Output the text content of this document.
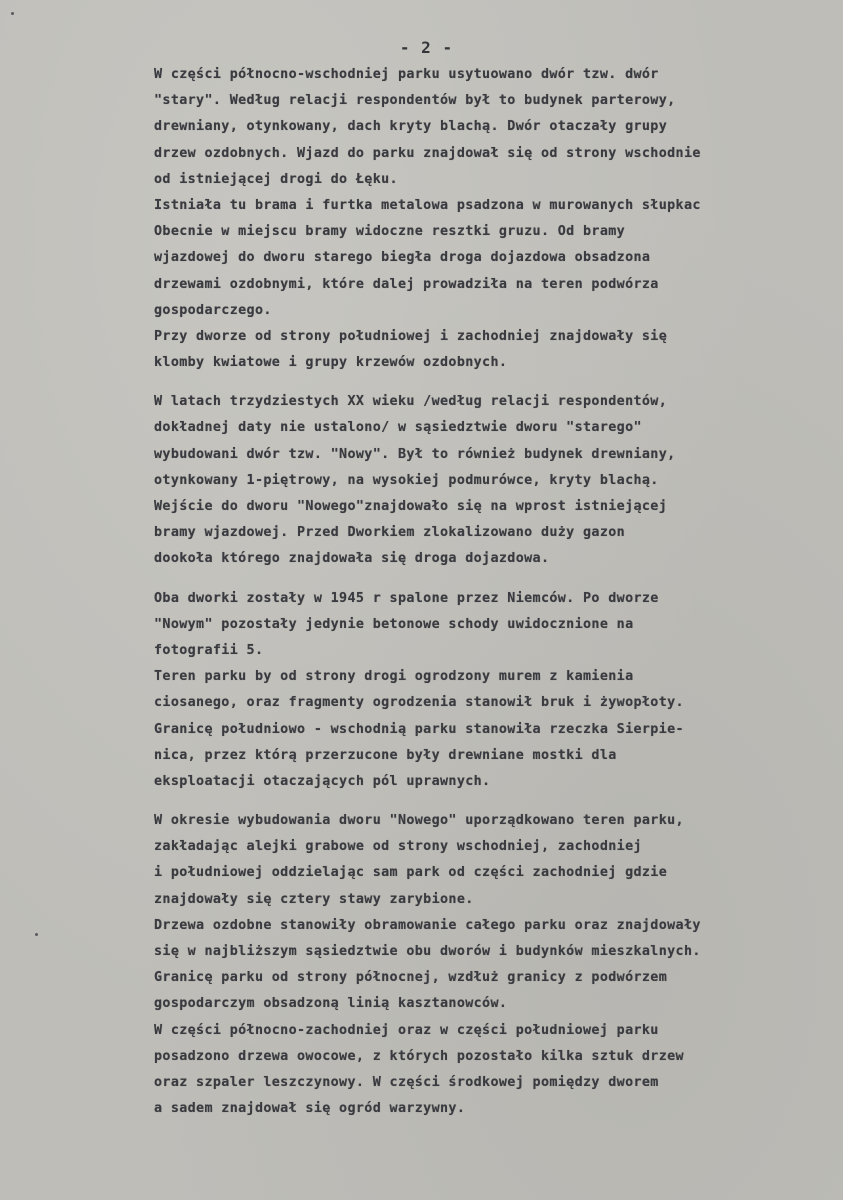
- 2 -
W części północno-wschodniej parku usytuowano dwór tzw. dwór
"stary". Według relacji respondentów był to budynek parterowy,
drewniany, otynkowany, dach kryty blachą. Dwór otaczały grupy
drzew ozdobnych. Wjazd do parku znajdował się od strony wschodnie
od istniejącej drogi do Łęku.
Istniała tu brama i furtka metalowa psadzona w murowanych słupkac
Obecnie w miejscu bramy widoczne resztki gruzu. Od bramy
wjazdowej do dworu starego biegła droga dojazdowa obsadzona
drzewami ozdobnymi, które dalej prowadziła na teren podwórza
gospodarczego.
Przy dworze od strony południowej i zachodniej znajdowały się
klomby kwiatowe i grupy krzewów ozdobnych.
W latach trzydziestych XX wieku /według relacji respondentów,
dokładnej daty nie ustalono/ w sąsiedztwie dworu "starego"
wybudowani dwór tzw. "Nowy". Był to również budynek drewniany,
otynkowany 1-piętrowy, na wysokiej podmurówce, kryty blachą.
Wejście do dworu "Nowego"znajdowało się na wprost istniejącej
bramy wjazdowej. Przed Dworkiem zlokalizowano duży gazon
dookoła którego znajdowała się droga dojazdowa.
Oba dworki zostały w 1945 r spalone przez Niemców. Po dworze
"Nowym" pozostały jedynie betonowe schody uwidocznione na
fotografii 5.
Teren parku by od strony drogi ogrodzony murem z kamienia
ciosanego, oraz fragmenty ogrodzenia stanowił bruk i żywopłoty.
Granicę południowo - wschodnią parku stanowiła rzeczka Sierpie-
nica, przez którą przerzucone były drewniane mostki dla
eksploatacji otaczających pól uprawnych.
W okresie wybudowania dworu "Nowego" uporządkowano teren parku,
zakładając alejki grabowe od strony wschodniej, zachodniej
i południowej oddzielając sam park od części zachodniej gdzie
znajdowały się cztery stawy zarybione.
Drzewa ozdobne stanowiły obramowanie całego parku oraz znajdowały
się w najbliższym sąsiedztwie obu dworów i budynków mieszkalnych.
Granicę parku od strony północnej, wzdłuż granicy z podwórzem
gospodarczym obsadzoną linią kasztanowców.
W części północno-zachodniej oraz w części południowej parku
posadzono drzewa owocowe, z których pozostało kilka sztuk drzew
oraz szpaler leszczynowy. W części środkowej pomiędzy dworem
a sadem znajdował się ogród warzywny.
